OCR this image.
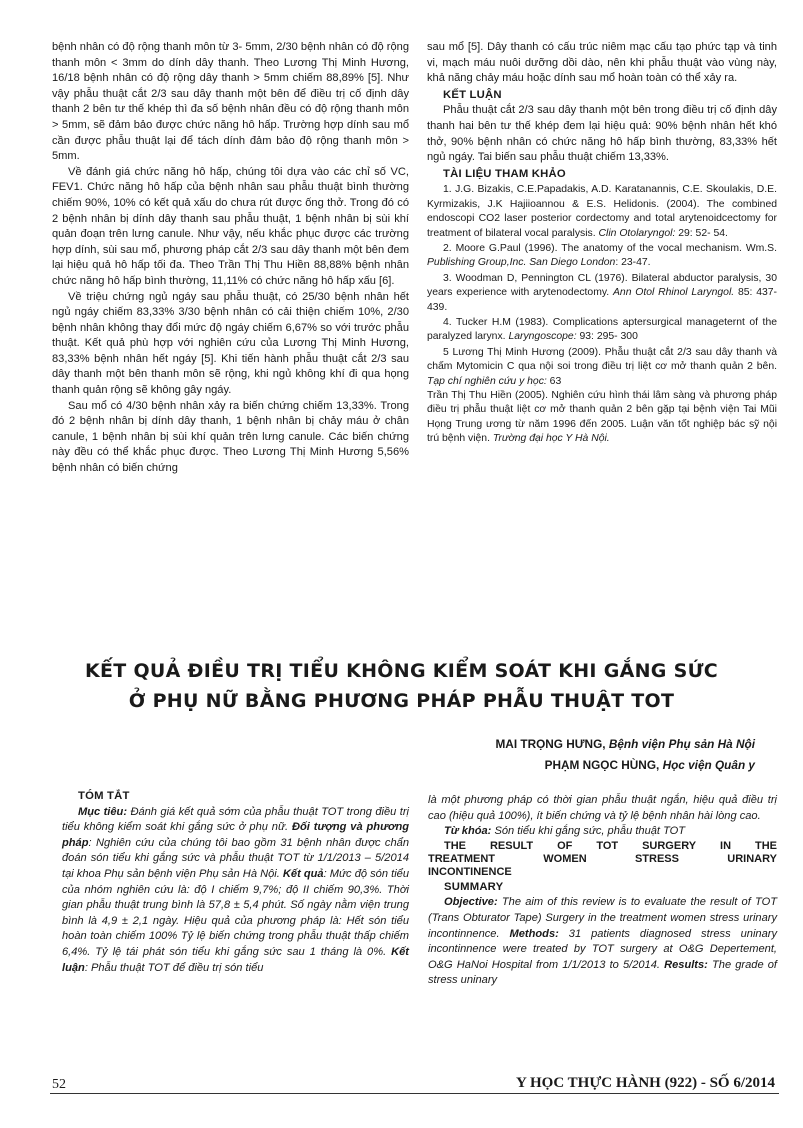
bệnh nhân có độ rộng thanh môn từ 3- 5mm, 2/30 bệnh nhân có độ rộng thanh môn < 3mm do dính dây thanh. Theo Lương Thị Minh Hương, 16/18 bệnh nhân có độ rộng dây thanh > 5mm chiếm 88,89% [5]. Như vậy phẫu thuật cắt 2/3 sau dây thanh một bên để điều trị cố định dây thanh 2 bên tư thế khép thì đa số bệnh nhân đều có độ rộng thanh môn > 5mm, sẽ đảm bảo được chức năng hô hấp. Trường hợp dính sau mổ cần được phẫu thuật lại để tách dính đảm bảo độ rộng thanh môn > 5mm.

Về đánh giá chức năng hô hấp, chúng tôi dựa vào các chỉ số VC, FEV1. Chức năng hô hấp của bệnh nhân sau phẫu thuật bình thường chiếm 90%, 10% có kết quả xấu do chưa rút được ống thở. Trong đó có 2 bệnh nhân bị dính dây thanh sau phẫu thuật, 1 bệnh nhân bị sùi khí quản đoạn trên lưng canule. Như vậy, nếu khắc phục được các trường hợp dính, sùi sau mổ, phương pháp cắt 2/3 sau dây thanh một bên đem lại hiệu quả hô hấp tối đa. Theo Trần Thị Thu Hiền 88,88% bệnh nhân chức năng hô hấp bình thường, 11,11% có chức năng hô hấp xấu [6].

Về triệu chứng ngủ ngáy sau phẫu thuật, có 25/30 bệnh nhân hết ngủ ngáy chiếm 83,33% 3/30 bệnh nhân có cải thiện chiếm 10%, 2/30 bệnh nhân không thay đổi mức độ ngáy chiếm 6,67% so với trước phẫu thuật. Kết quả phù hợp với nghiên cứu của Lương Thị Minh Hương, 83,33% bệnh nhân hết ngáy [5]. Khi tiến hành phẫu thuật cắt 2/3 sau dây thanh một bên thanh môn sẽ rộng, khi ngủ không khí đi qua họng thanh quản rộng sẽ không gây ngáy.

Sau mổ có 4/30 bệnh nhân xảy ra biến chứng chiếm 13,33%. Trong đó 2 bệnh nhân bị dính dây thanh, 1 bệnh nhân bị chảy máu ở chân canule, 1 bệnh nhân bị sùi khí quản trên lưng canule. Các biến chứng này đều có thể khắc phục được. Theo Lương Thị Minh Hương 5,56% bệnh nhân có biến chứng

sau mổ [5]. Dây thanh có cấu trúc niêm mạc cấu tạo phức tạp và tinh vi, mạch máu nuôi dưỡng dồi dào, nên khi phẫu thuật vào vùng này, khả năng chảy máu hoặc dính sau mổ hoàn toàn có thể xảy ra.

KẾT LUẬN

Phẫu thuật cắt 2/3 sau dây thanh một bên trong điều trị cố định dây thanh hai bên tư thế khép đem lại hiệu quả: 90% bệnh nhân hết khó thở, 90% bệnh nhân có chức năng hô hấp bình thường, 83,33% hết ngủ ngáy. Tai biến sau phẫu thuật chiếm 13,33%.

TÀI LIỆU THAM KHẢO

1. J.G. Bizakis, C.E.Papadakis, A.D. Karatanannis, C.E. Skoulakis, D.E. Kyrmizakis, J.K Hajiioannou & E.S. Helidonis. (2004). The combined endoscopi CO2 laser posterior cordectomy and total arytenoidcectomy for treatment of bilateral vocal paralysis. Clin Otolaryngol: 29: 52- 54.

2. Moore G.Paul (1996). The anatomy of the vocal mechanism. Wm.S. Publishing Group,Inc. San Diego London: 23-47.

3. Woodman D, Pennington CL (1976). Bilateral abductor paralysis, 30 years experience with arytenodectomy. Ann Otol Rhinol Laryngol. 85: 437-439.

4. Tucker H.M (1983). Complications aptersurgical manageternt of the paralyzed larynx. Laryngoscope: 93: 295- 300

5 Lương Thị Minh Hương (2009). Phẫu thuật cắt 2/3 sau dây thanh và chấm Mytomicin C qua nội soi trong điều trị liệt cơ mở thanh quản 2 bên. Tạp chí nghiên cứu y học: 63

Trần Thị Thu Hiền (2005). Nghiên cứu hình thái lâm sàng và phương pháp điều trị phẫu thuật liệt cơ mở thanh quản 2 bên gặp tại bệnh viện Tai Mũi Họng Trung ương từ năm 1996 đến 2005. Luận văn tốt nghiệp bác sỹ nội trú bệnh viện. Trường đại học Y Hà Nội.

KẾT QUẢ ĐIỀU TRỊ TIỂU KHÔNG KIỂM SOÁT KHI GẮNG SỨC
Ở PHỤ NỮ BẰNG PHƯƠNG PHÁP PHẪU THUẬT TOT
MAI TRỌNG HƯNG, Bệnh viện Phụ sản Hà Nội
PHẠM NGỌC HÙNG, Học viện Quân y

TÓM TẮT

Mục tiêu: Đánh giá kết quả sớm của phẫu thuật TOT trong điều trị tiểu không kiểm soát khi gắng sức ở phụ nữ. Đối tượng và phương pháp: Nghiên cứu của chúng tôi bao gồm 31 bệnh nhân được chẩn đoán són tiểu khi gắng sức và phẫu thuật TOT từ 1/1/2013 – 5/2014 tại khoa Phụ sản bệnh viện Phụ sản Hà Nội. Kết quả: Mức độ són tiểu của nhóm nghiên cứu là: độ I chiếm 9,7%; độ II chiếm 90,3%. Thời gian phẫu thuật trung bình là 57,8 ± 5,4 phút. Số ngày nằm viện trung bình là 4,9 ± 2,1 ngày. Hiệu quả của phương pháp là: Hết són tiểu hoàn toàn chiếm 100% Tỷ lệ biến chứng trong phẫu thuật thấp chiếm 6,4%. Tỷ lệ tái phát són tiểu khi gắng sức sau 1 tháng là 0%. Kết luận: Phẫu thuật TOT để điều trị són tiểu

là một phương pháp có thời gian phẫu thuật ngắn, hiệu quả điều trị cao (hiệu quả 100%), ít biến chứng và tỷ lệ bệnh nhân hài lòng cao.

Từ khóa: Són tiểu khi gắng sức, phẫu thuật TOT

THE RESULT OF TOT SURGERY IN THE
TREATMENT	WOMEN	STRESS	URINARY
INCONTINENCE

SUMMARY

Objective: The aim of this review is to evaluate the result of TOT (Trans Obturator Tape) Surgery in the treatment women stress urinary incontinnence. Methods: 31 patients diagnosed stress uninary incontinnence were treated by TOT surgery at O&G Depertement, O&G HaNoi Hospital from 1/1/2013 to 5/2014. Results: The grade of stress uninary

52	Y HỌC THỰC HÀNH (922) - SỐ 6/2014
